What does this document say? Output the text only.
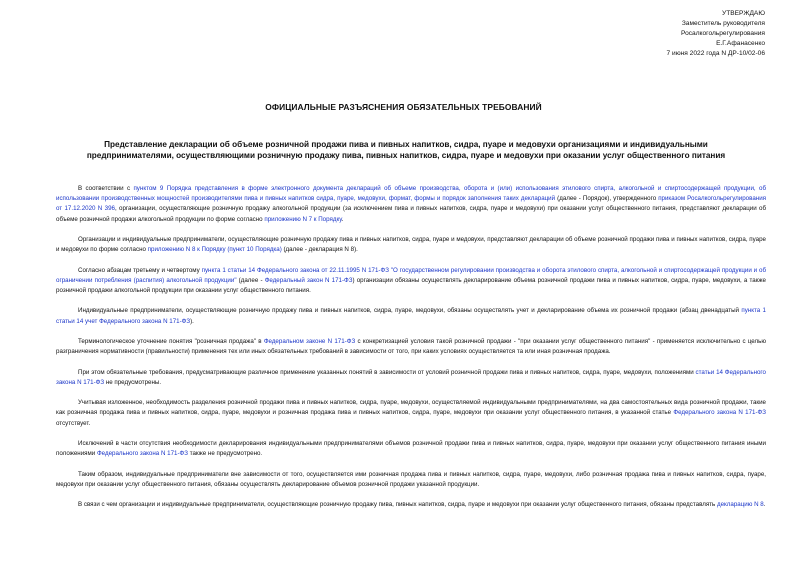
УТВЕРЖДАЮ
Заместитель руководителя
Росалкогольрегулирования
Е.Г.Афанасенко
7 июня 2022 года N ДР-10/02-06
ОФИЦИАЛЬНЫЕ РАЗЪЯСНЕНИЯ ОБЯЗАТЕЛЬНЫХ ТРЕБОВАНИЙ
Представление декларации об объеме розничной продажи пива и пивных напитков, сидра, пуаре и медовухи организациями и индивидуальными предпринимателями, осуществляющими розничную продажу пива, пивных напитков, сидра, пуаре и медовухи при оказании услуг общественного питания

В соответствии с пунктом 9 Порядка представления в форме электронного документа деклараций об объеме производства, оборота и (или) использования этилового спирта, алкогольной и спиртосодержащей продукции, об использовании производственных мощностей производителями пива и пивных напитков сидра, пуаре, медовухи, формат, формы и порядок заполнения таких деклараций (далее - Порядок), утвержденного приказом Росалкогольрегулирования от 17.12.2020 N 396, организации, осуществляющие розничную продажу алкогольной продукции (за исключением пива и пивных напитков, сидра, пуаре и медовухи) при оказании услуг общественного питания, представляют декларации об объеме розничной продажи алкогольной продукции по форме согласно приложению N 7 к Порядку.

Организации и индивидуальные предприниматели, осуществляющие розничную продажу пива и пивных напитков, сидра, пуаре и медовухи, представляют декларации об объеме розничной продажи пива и пивных напитков, сидра, пуаре и медовухи по форме согласно приложению N 8 к Порядку (пункт 10 Порядка) (далее - декларация N 8).

Согласно абзацам третьему и четвертому пункта 1 статьи 14 Федерального закона от 22.11.1995 N 171-ФЗ "О государственном регулировании производства и оборота этилового спирта, алкогольной и спиртосодержащей продукции и об ограничении потребления (распития) алкогольной продукции" (далее - Федеральный закон N 171-ФЗ) организации обязаны осуществлять декларирование объема розничной продажи пива и пивных напитков, сидра, пуаре, медовухи, а также розничной продажи алкогольной продукции при оказании услуг общественного питания.

Индивидуальные предприниматели, осуществляющие розничную продажу пива и пивных напитков, сидра, пуаре, медовухи, обязаны осуществлять учет и декларирование объема их розничной продажи (абзац двенадцатый пункта 1 статьи 14 учет Федерального закона N 171-ФЗ).

Терминологическое уточнение понятия "розничная продажа" в Федеральном законе N 171-ФЗ с конкретизацией условия такой розничной продажи - "при оказании услуг общественного питания" - применяется исключительно с целью разграничения нормативности (правильности) применения тех или иных обязательных требований в зависимости от того, при каких условиях осуществляется та или иная розничная продажа.

При этом обязательные требования, предусматривающие различное применение указанных понятий в зависимости от условий розничной продажи пива и пивных напитков, сидра, пуаре, медовухи, положениями статьи 14 Федерального закона N 171-ФЗ не предусмотрены.

Учитывая изложенное, необходимость разделения розничной продажи пива и пивных напитков, сидра, пуаре, медовухи, осуществляемой индивидуальными предпринимателями, на два самостоятельных вида розничной продажи, такие как розничная продажа пива и пивных напитков, сидра, пуаре, медовухи и розничная продажа пива и пивных напитков, сидра, пуаре, медовухи при оказании услуг общественного питания, в указанной статье Федерального закона N 171-ФЗ отсутствует.

Исключений в части отсутствия необходимости декларирования индивидуальными предпринимателями объемов розничной продажи пива и пивных напитков, сидра, пуаре, медовухи при оказании услуг общественного питания иными положениями Федерального закона N 171-ФЗ также не предусмотрено.

Таким образом, индивидуальные предприниматели вне зависимости от того, осуществляется ими розничная продажа пива и пивных напитков, сидра, пуаре, медовухи, либо розничная продажа пива и пивных напитков, сидра, пуаре, медовухи при оказании услуг общественного питания, обязаны осуществлять декларирование объемов розничной продажи указанной продукции.

В связи с чем организации и индивидуальные предприниматели, осуществляющие розничную продажу пива, пивных напитков, сидра, пуаре и медовухи при оказании услуг общественного питания, обязаны представлять декларацию N 8.
